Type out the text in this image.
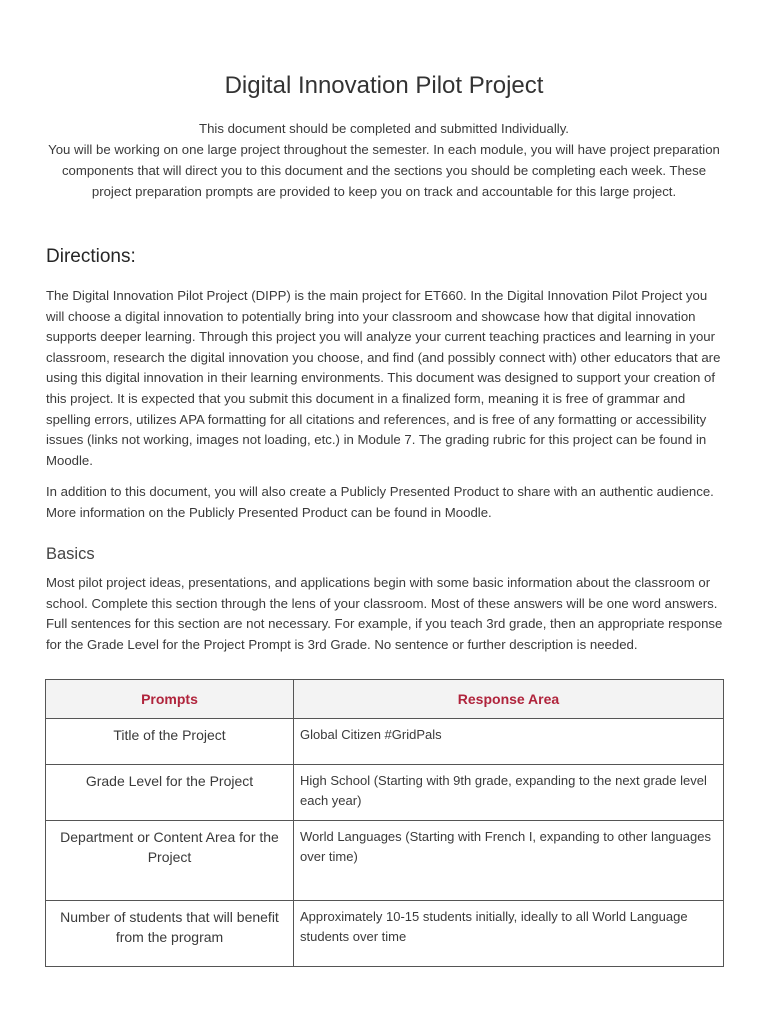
Digital Innovation Pilot Project

This document should be completed and submitted Individually.

You will be working on one large project throughout the semester. In each module, you will have project preparation components that will direct you to this document and the sections you should be completing each week. These project preparation prompts are provided to keep you on track and accountable for this large project.

Directions:

The Digital Innovation Pilot Project (DIPP) is the main project for ET660. In the Digital Innovation Pilot Project you will choose a digital innovation to potentially bring into your classroom and showcase how that digital innovation supports deeper learning. Through this project you will analyze your current teaching practices and learning in your classroom, research the digital innovation you choose, and find (and possibly connect with) other educators that are using this digital innovation in their learning environments. This document was designed to support your creation of this project. It is expected that you submit this document in a finalized form, meaning it is free of grammar and spelling errors, utilizes APA formatting for all citations and references, and is free of any formatting or accessibility issues (links not working, images not loading, etc.) in Module 7. The grading rubric for this project can be found in Moodle.

In addition to this document, you will also create a Publicly Presented Product to share with an authentic audience. More information on the Publicly Presented Product can be found in Moodle.

Basics

Most pilot project ideas, presentations, and applications begin with some basic information about the classroom or school. Complete this section through the lens of your classroom. Most of these answers will be one word answers. Full sentences for this section are not necessary. For example, if you teach 3rd grade, then an appropriate response for the Grade Level for the Project Prompt is 3rd Grade. No sentence or further description is needed.

Prompts	Response Area
Title of the Project	Global Citizen #GridPals
Grade Level for the Project	High School (Starting with 9th grade, expanding to the next grade level each year)
Department or Content Area for the Project	World Languages (Starting with French I, expanding to other languages over time)
Number of students that will benefit from the program	Approximately 10-15 students initially, ideally to all World Language students over time
